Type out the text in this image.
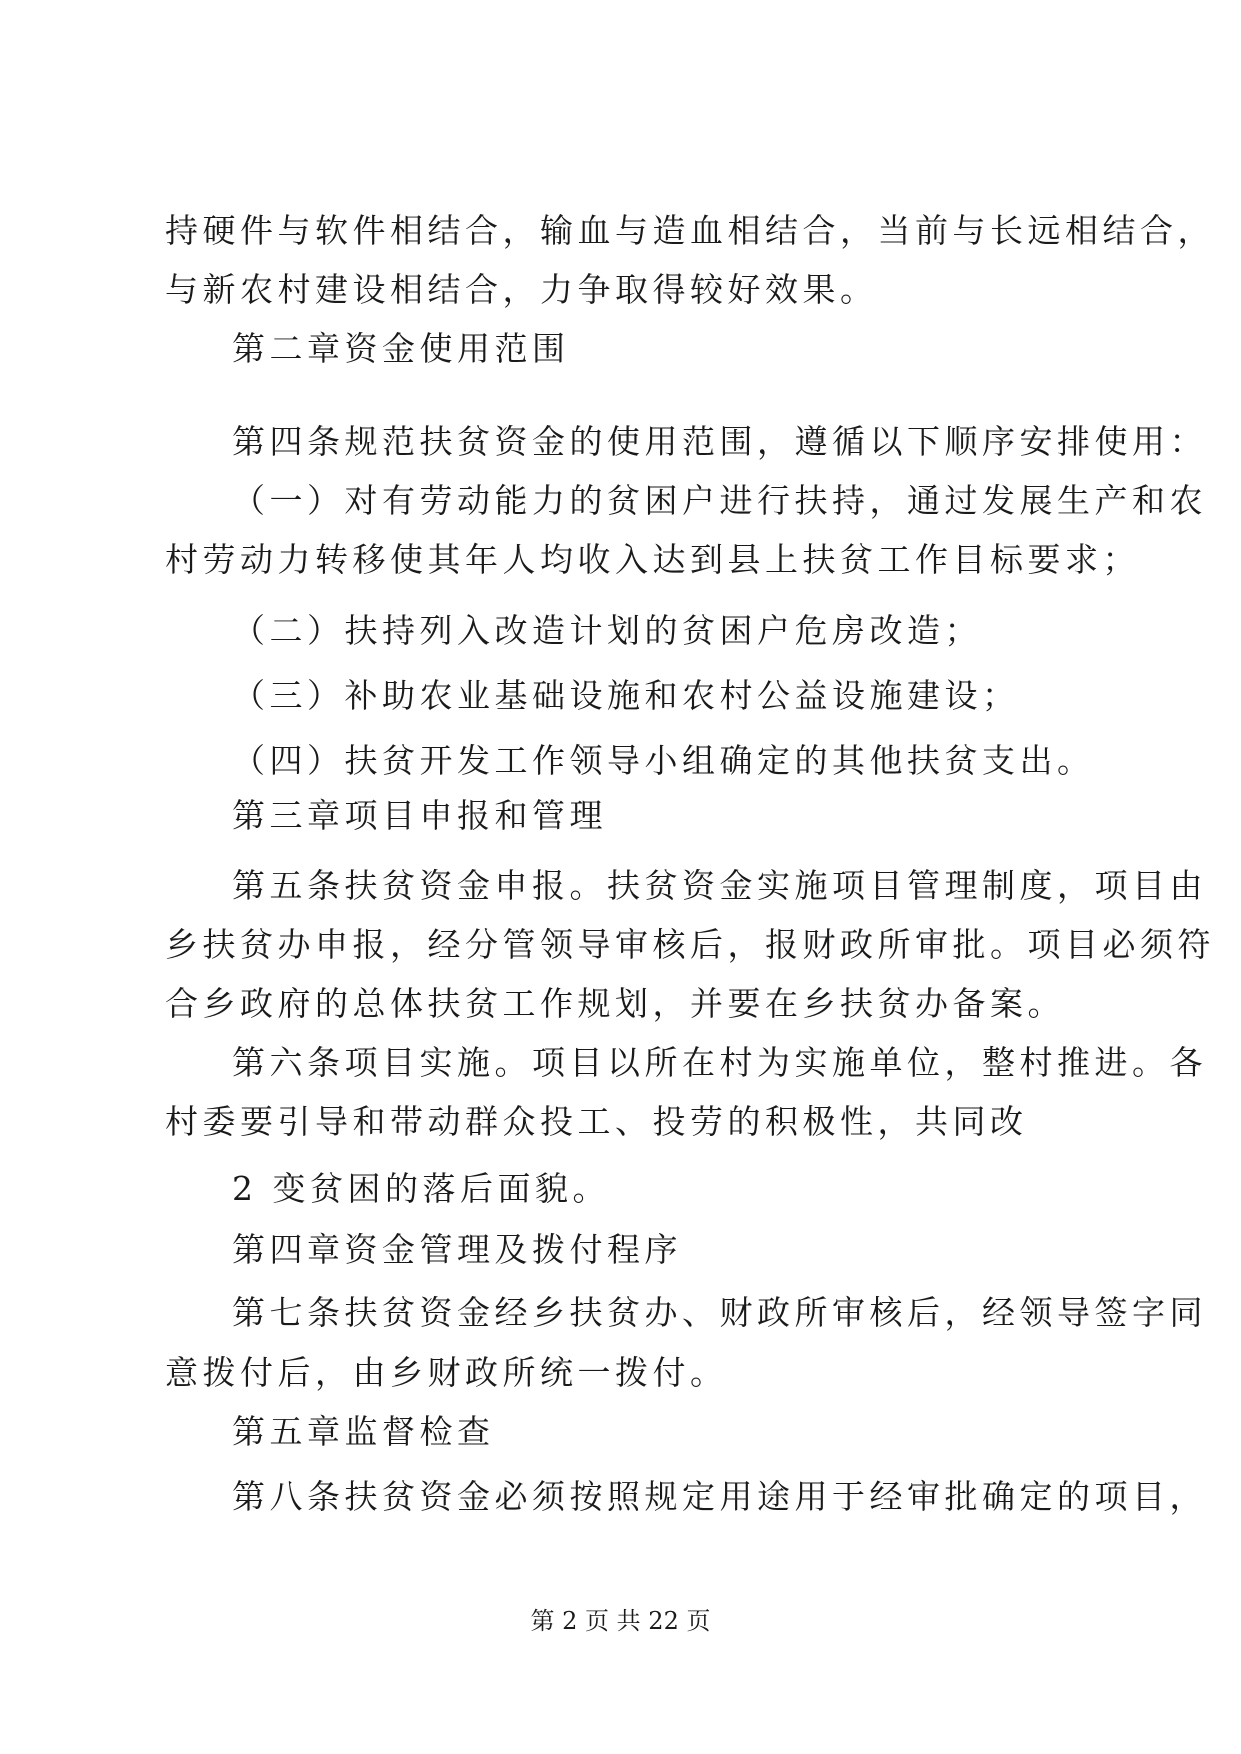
持硬件与软件相结合，输血与造血相结合，当前与长远相结合，
与新农村建设相结合，力争取得较好效果。
第二章资金使用范围
第四条规范扶贫资金的使用范围，遵循以下顺序安排使用：
（一）对有劳动能力的贫困户进行扶持，通过发展生产和农
村劳动力转移使其年人均收入达到县上扶贫工作目标要求；
（二）扶持列入改造计划的贫困户危房改造；
（三）补助农业基础设施和农村公益设施建设；
（四）扶贫开发工作领导小组确定的其他扶贫支出。
第三章项目申报和管理
第五条扶贫资金申报。扶贫资金实施项目管理制度，项目由
乡扶贫办申报，经分管领导审核后，报财政所审批。项目必须符
合乡政府的总体扶贫工作规划，并要在乡扶贫办备案。
第六条项目实施。项目以所在村为实施单位，整村推进。各
村委要引导和带动群众投工、投劳的积极性，共同改
2 变贫困的落后面貌。
第四章资金管理及拨付程序
第七条扶贫资金经乡扶贫办、财政所审核后，经领导签字同
意拨付后，由乡财政所统一拨付。
第五章监督检查
第八条扶贫资金必须按照规定用途用于经审批确定的项目，
第 2 页 共 22 页
